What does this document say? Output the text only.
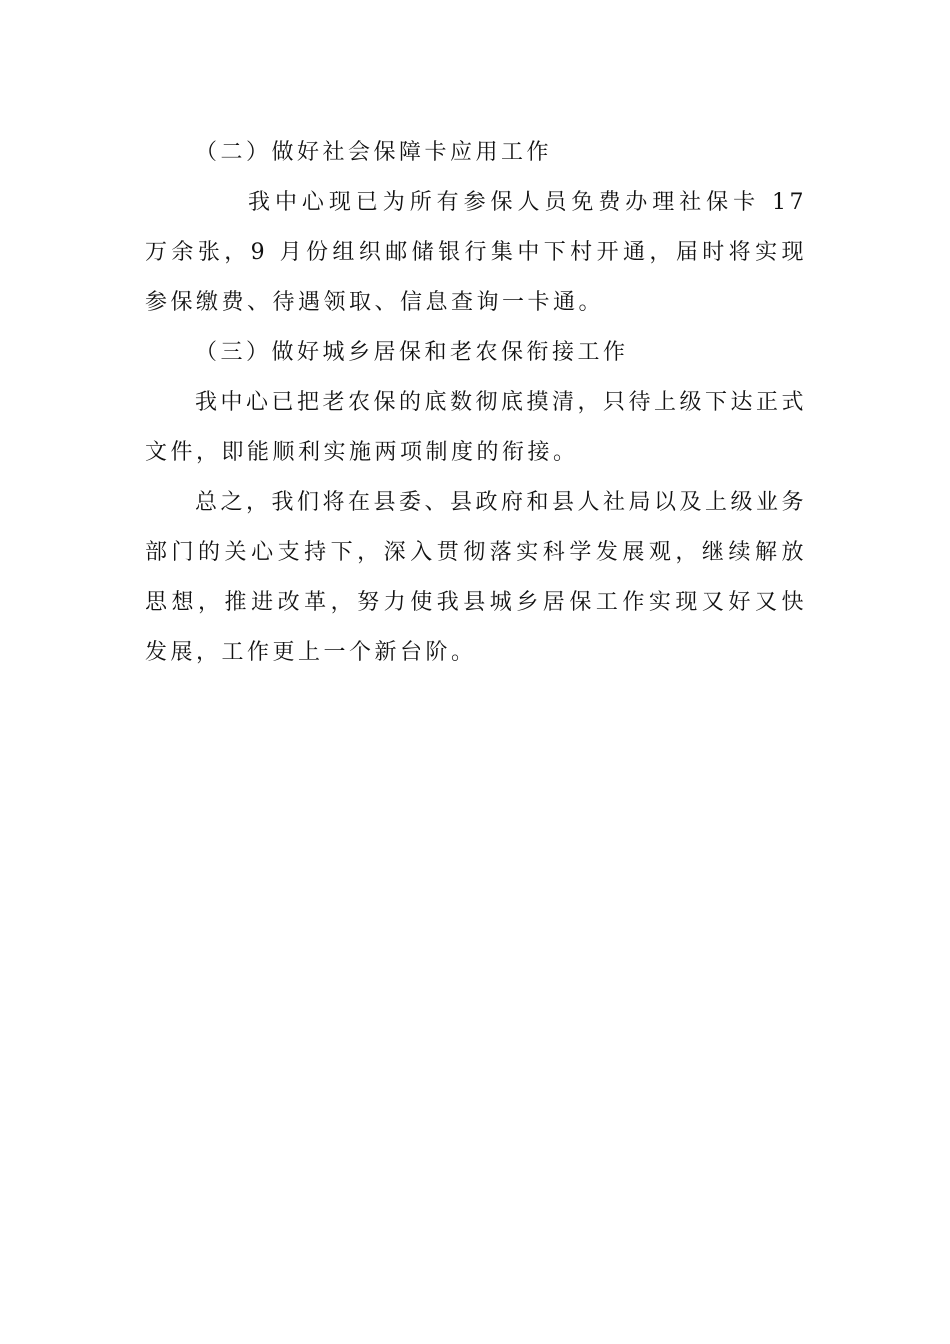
（二）做好社会保障卡应用工作

我中心现已为所有参保人员免费办理社保卡 17 万余张，9 月份组织邮储银行集中下村开通，届时将实现参保缴费、待遇领取、信息查询一卡通。

（三）做好城乡居保和老农保衔接工作

我中心已把老农保的底数彻底摸清，只待上级下达正式文件，即能顺利实施两项制度的衔接。

总之，我们将在县委、县政府和县人社局以及上级业务部门的关心支持下，深入贯彻落实科学发展观，继续解放思想，推进改革，努力使我县城乡居保工作实现又好又快发展，工作更上一个新台阶。
